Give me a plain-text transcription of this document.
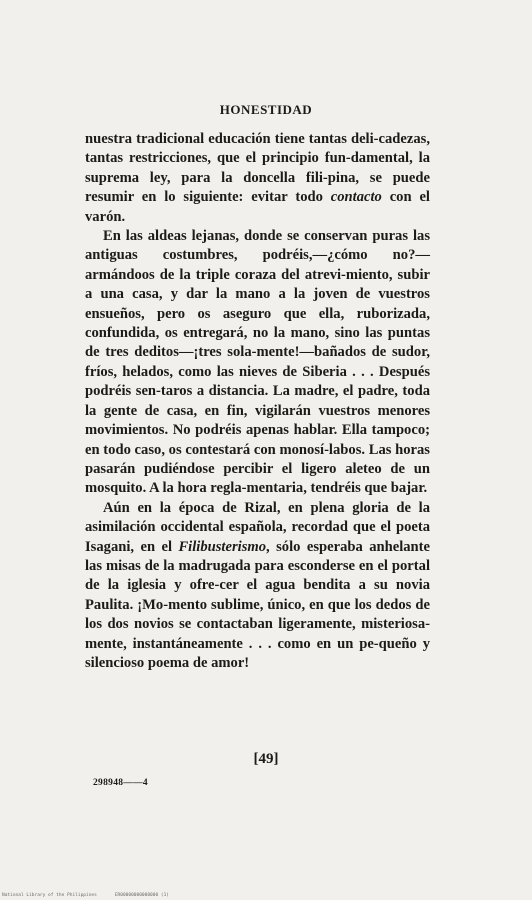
HONESTIDAD

nuestra tradicional educación tiene tantas deli-cadezas, tantas restricciones, que el principio fun-damental, la suprema ley, para la doncella fili-pina, se puede resumir en lo siguiente: evitar todo contacto con el varón.

En las aldeas lejanas, donde se conservan puras las antiguas costumbres, podréis,—¿cómo no?—armándoos de la triple coraza del atrevi-miento, subir a una casa, y dar la mano a la joven de vuestros ensueños, pero os aseguro que ella, ruborizada, confundida, os entregará, no la mano, sino las puntas de tres deditos—¡tres sola-mente!—bañados de sudor, fríos, helados, como las nieves de Siberia . . . Después podréis sen-taros a distancia. La madre, el padre, toda la gente de casa, en fin, vigilarán vuestros menores movimientos. No podréis apenas hablar. Ella tampoco; en todo caso, os contestará con monosí-labos. Las horas pasarán pudiéndose percibir el ligero aleteo de un mosquito. A la hora regla-mentaria, tendréis que bajar.

Aún en la época de Rizal, en plena gloria de la asimilación occidental española, recordad que el poeta Isagani, en el Filibusterismo, sólo esperaba anhelante las misas de la madrugada para esconderse en el portal de la iglesia y ofre-cer el agua bendita a su novia Paulita. ¡Mo-mento sublime, único, en que los dedos de los dos novios se contactaban ligeramente, misteriosa-mente, instantáneamente . . . como en un pe-queño y silencioso poema de amor!

[49]
298948——4
National Library of the Philippines	ER00000000000000 (1)
